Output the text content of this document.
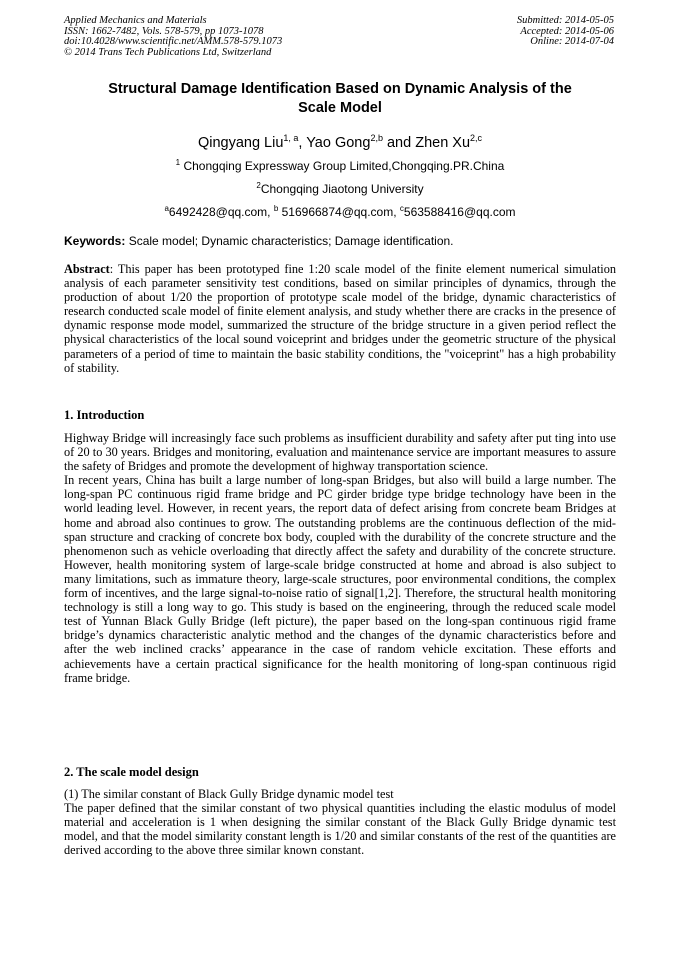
Applied Mechanics and Materials
ISSN: 1662-7482, Vols. 578-579, pp 1073-1078
doi:10.4028/www.scientific.net/AMM.578-579.1073
© 2014 Trans Tech Publications Ltd, Switzerland
Submitted: 2014-05-05
Accepted: 2014-05-06
Online: 2014-07-04
Structural Damage Identification Based on Dynamic Analysis of the
Scale Model
Qingyang Liu$^{1, a}$, Yao Gong$^{2,b}$ and Zhen Xu$^{2,c}$
$^1$ Chongqing Expressway Group Limited,Chongqing.PR.China
$^2$Chongqing Jiaotong University
$^a$6492428@qq.com, $^b$ 516966874@qq.com, $^c$563588416@qq.com
Keywords: Scale model; Dynamic characteristics; Damage identification.

Abstract: This paper has been prototyped fine 1:20 scale model of the finite element numerical simulation analysis of each parameter sensitivity test conditions, based on similar principles of dynamics, through the production of about 1/20 the proportion of prototype scale model of the bridge, dynamic characteristics of research conducted scale model of finite element analysis, and study whether there are cracks in the presence of dynamic response mode model, summarized the structure of the bridge structure in a given period reflect the physical characteristics of the local sound voiceprint and bridges under the geometric structure of the physical parameters of a period of time to maintain the basic stability conditions, the "voiceprint" has a high probability of stability.

1. Introduction

Highway Bridge will increasingly face such problems as insufficient durability and safety after put ting into use of 20 to 30 years. Bridges and monitoring, evaluation and maintenance service are important measures to assure the safety of Bridges and promote the development of highway transportation science.

In recent years, China has built a large number of long-span Bridges, but also will build a large number. The long-span PC continuous rigid frame bridge and PC girder bridge type bridge technology have been in the world leading level. However, in recent years, the report data of defect arising from concrete beam Bridges at home and abroad also continues to grow. The outstanding problems are the continuous deflection of the mid-span structure and cracking of concrete box body, coupled with the durability of the concrete structure and the phenomenon such as vehicle overloading that directly affect the safety and durability of the concrete structure. However, health monitoring system of large-scale bridge constructed at home and abroad is also subject to many limitations, such as immature theory, large-scale structures, poor environmental conditions, the complex form of incentives, and the large signal-to-noise ratio of signal[1,2]. Therefore, the structural health monitoring technology is still a long way to go. This study is based on the engineering, through the reduced scale model test of Yunnan Black Gully Bridge (left picture), the paper based on the long-span continuous rigid frame bridge’s dynamics characteristic analytic method and the changes of the dynamic characteristics before and after the web inclined cracks’ appearance in the case of random vehicle excitation. These efforts and achievements have a certain practical significance for the health monitoring of long-span continuous rigid frame bridge.

2. The scale model design

(1) The similar constant of Black Gully Bridge dynamic model test

The paper defined that the similar constant of two physical quantities including the elastic modulus of model material and acceleration is 1 when designing the similar constant of the Black Gully Bridge dynamic test model, and that the model similarity constant length is 1/20 and similar constants of the rest of the quantities are derived according to the above three similar known constant.
